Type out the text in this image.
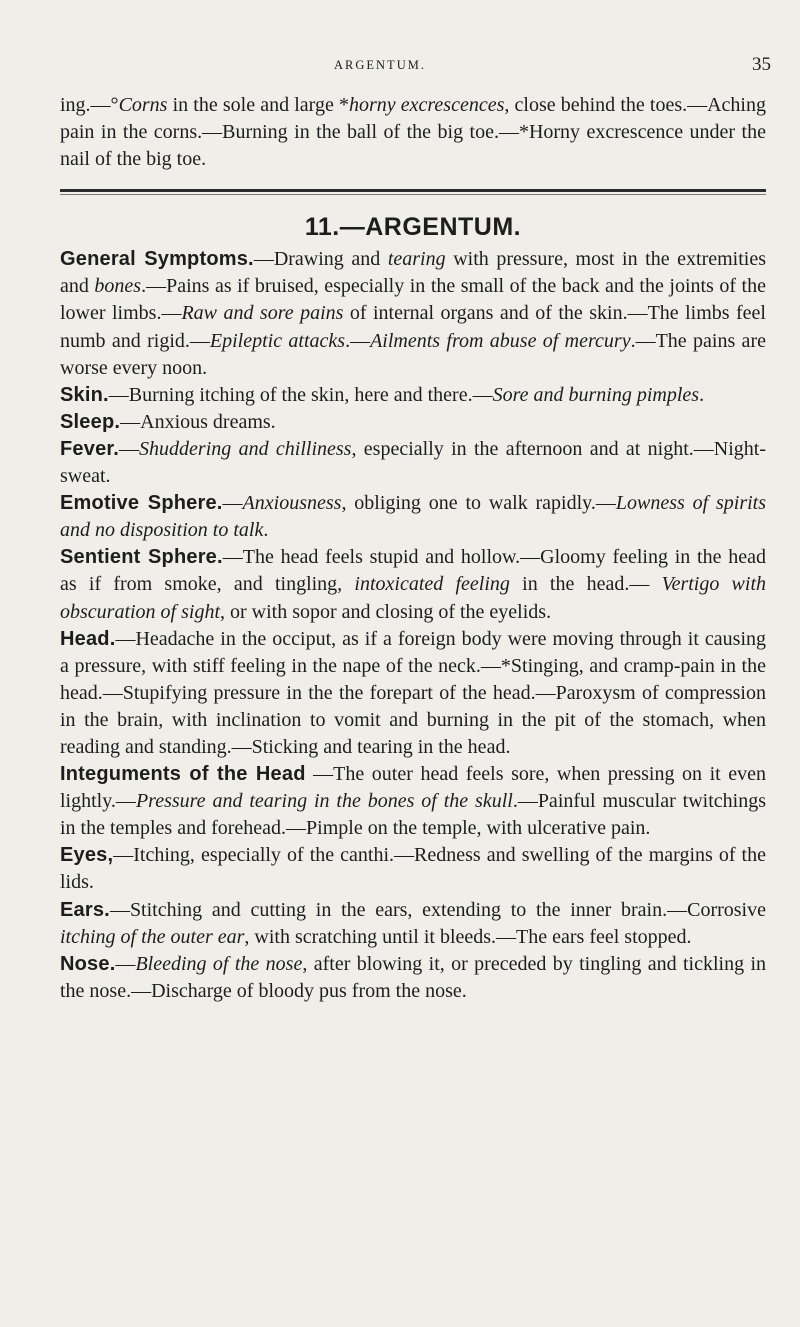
ARGENTUM.	35

ing.—°Corns in the sole and large *horny excrescences, close behind the toes.—Aching pain in the corns.—Burning in the ball of the big toe.—*Horny excrescence under the nail of the big toe.

11.—ARGENTUM.

General Symptoms.—Drawing and tearing with pressure, most in the extremities and bones.—Pains as if bruised, especially in the small of the back and the joints of the lower limbs.—Raw and sore pains of internal organs and of the skin.—The limbs feel numb and rigid.—Epileptic attacks.—Ailments from abuse of mercury.—The pains are worse every noon.

Skin.—Burning itching of the skin, here and there.—Sore and burning pimples.

Sleep.—Anxious dreams.

Fever.—Shuddering and chilliness, especially in the afternoon and at night.—Night-sweat.

Emotive Sphere.—Anxiousness, obliging one to walk rapidly.—Lowness of spirits and no disposition to talk.

Sentient Sphere.—The head feels stupid and hollow.—Gloomy feeling in the head as if from smoke, and tingling, intoxicated feeling in the head.— Vertigo with obscuration of sight, or with sopor and closing of the eyelids.

Head.—Headache in the occiput, as if a foreign body were moving through it causing a pressure, with stiff feeling in the nape of the neck.—*Stinging, and cramp-pain in the head.—Stupifying pressure in the the forepart of the head.—Paroxysm of compression in the brain, with inclination to vomit and burning in the pit of the stomach, when reading and standing.—Sticking and tearing in the head.

Integuments of the Head —The outer head feels sore, when pressing on it even lightly.—Pressure and tearing in the bones of the skull.—Painful muscular twitchings in the temples and forehead.—Pimple on the temple, with ulcerative pain.

Eyes,—Itching, especially of the canthi.—Redness and swelling of the margins of the lids.

Ears.—Stitching and cutting in the ears, extending to the inner brain.—Corrosive itching of the outer ear, with scratching until it bleeds.—The ears feel stopped.

Nose.—Bleeding of the nose, after blowing it, or preceded by tingling and tickling in the nose.—Discharge of bloody pus from the nose.
